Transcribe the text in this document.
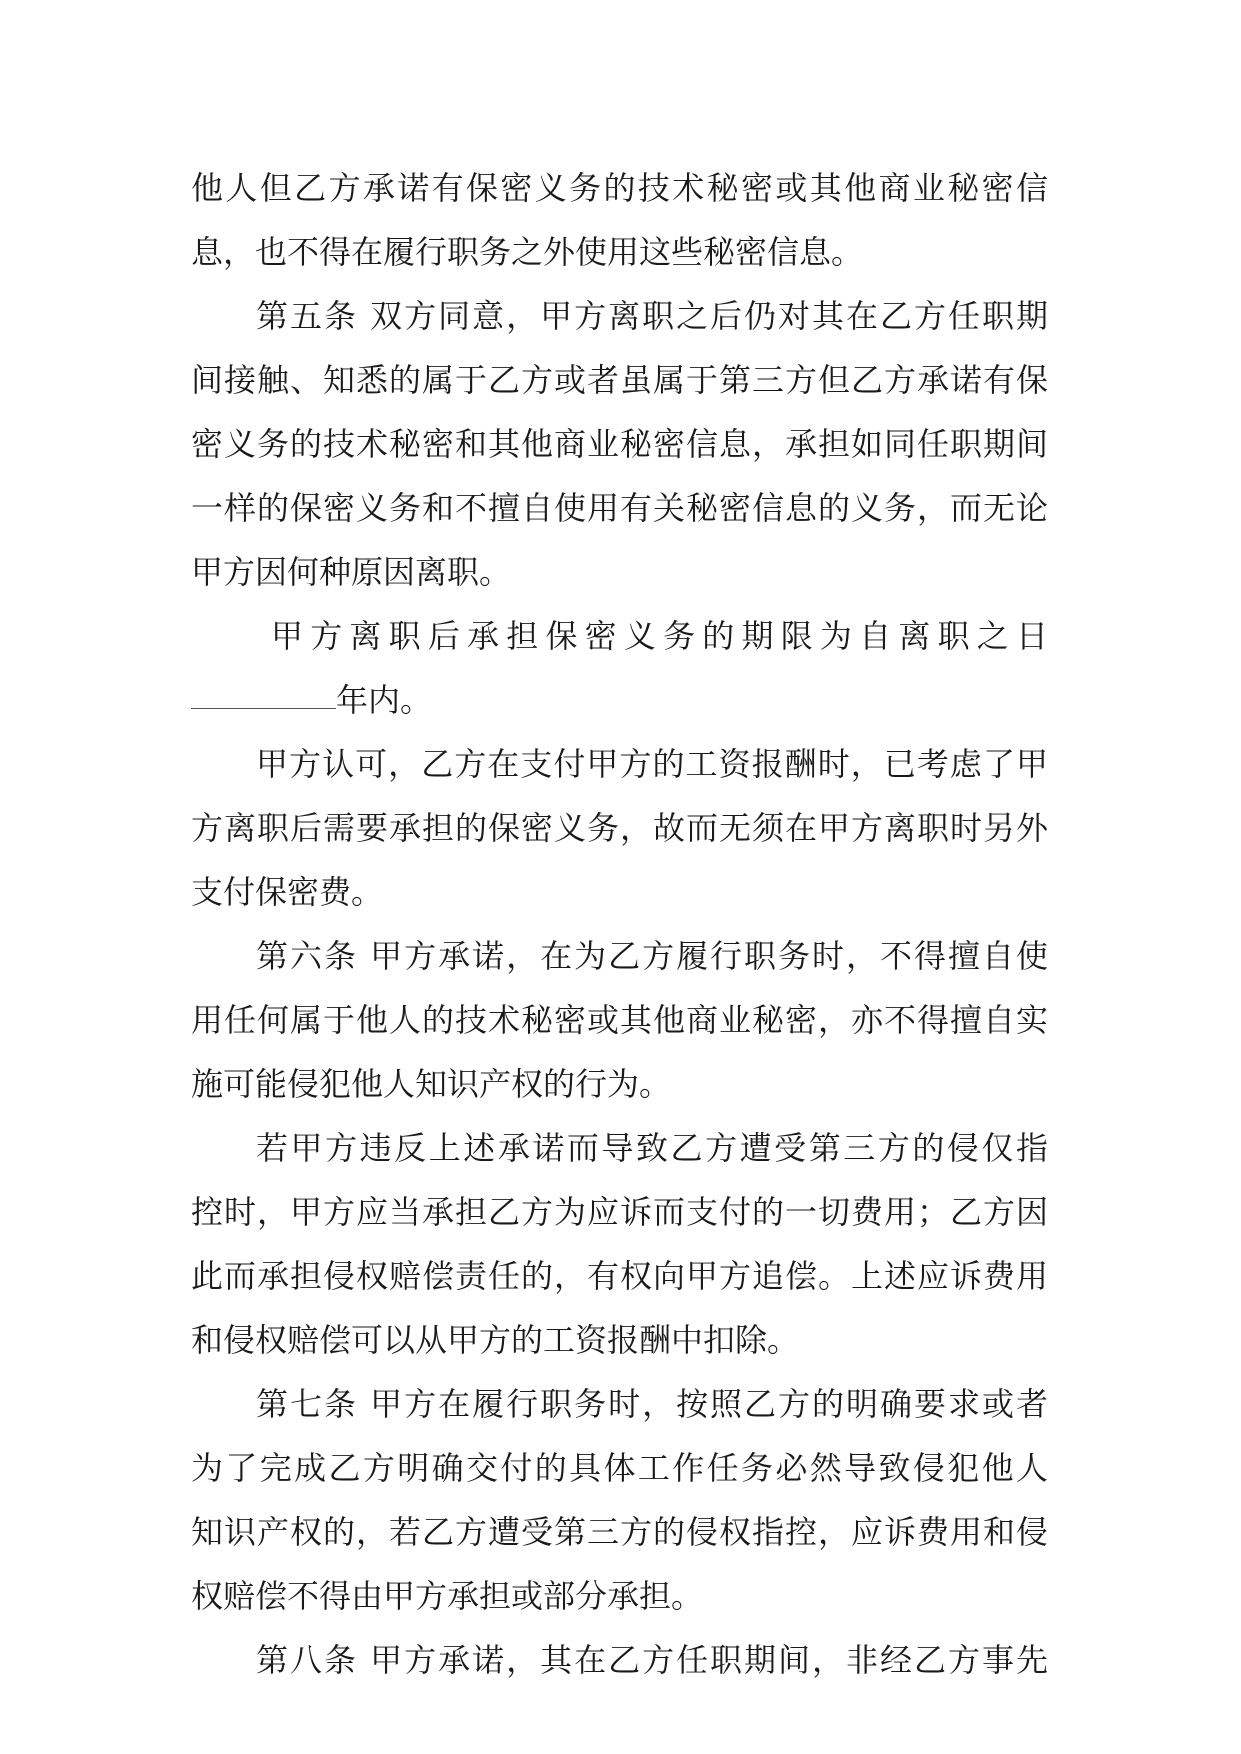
他人但乙方承诺有保密义务的技术秘密或其他商业秘密信
息，也不得在履行职务之外使用这些秘密信息。
第五条 双方同意，甲方离职之后仍对其在乙方任职期
间接触、知悉的属于乙方或者虽属于第三方但乙方承诺有保
密义务的技术秘密和其他商业秘密信息，承担如同任职期间
一样的保密义务和不擅自使用有关秘密信息的义务，而无论
甲方因何种原因离职。
甲方离职后承担保密义务的期限为自离职之日
年内。
甲方认可，乙方在支付甲方的工资报酬时，已考虑了甲
方离职后需要承担的保密义务，故而无须在甲方离职时另外
支付保密费。
第六条 甲方承诺，在为乙方履行职务时，不得擅自使
用任何属于他人的技术秘密或其他商业秘密，亦不得擅自实
施可能侵犯他人知识产权的行为。
若甲方违反上述承诺而导致乙方遭受第三方的侵仅指
控时，甲方应当承担乙方为应诉而支付的一切费用；乙方因
此而承担侵权赔偿责任的，有权向甲方追偿。上述应诉费用
和侵权赔偿可以从甲方的工资报酬中扣除。
第七条 甲方在履行职务时，按照乙方的明确要求或者
为了完成乙方明确交付的具体工作任务必然导致侵犯他人
知识产权的，若乙方遭受第三方的侵权指控，应诉费用和侵
权赔偿不得由甲方承担或部分承担。
第八条 甲方承诺，其在乙方任职期间，非经乙方事先
